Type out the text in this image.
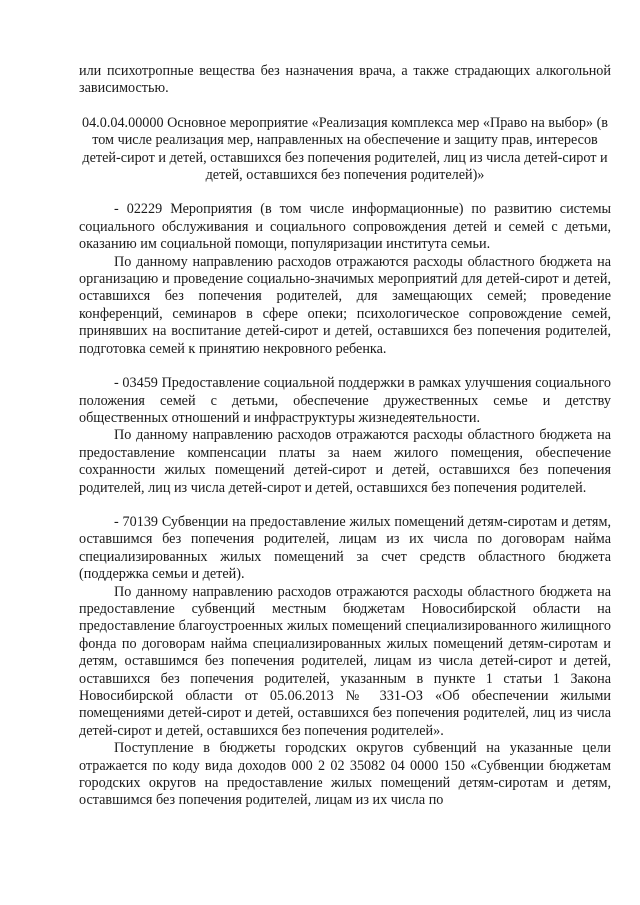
или психотропные вещества без назначения врача, а также страдающих алкогольной зависимостью.

04.0.04.00000 Основное мероприятие «Реализация комплекса мер «Право на выбор» (в том числе реализация мер, направленных на обеспечение и защиту прав, интересов детей-сирот и детей, оставшихся без попечения родителей, лиц из числа детей-сирот и детей, оставшихся без попечения родителей)»

- 02229 Мероприятия (в том числе информационные) по развитию системы социального обслуживания и социального сопровождения детей и семей с детьми, оказанию им социальной помощи, популяризации института семьи.

По данному направлению расходов отражаются расходы областного бюджета на организацию и проведение социально-значимых мероприятий для детей-сирот и детей, оставшихся без попечения родителей, для замещающих семей; проведение конференций, семинаров в сфере опеки; психологическое сопровождение семей, принявших на воспитание детей-сирот и детей, оставшихся без попечения родителей, подготовка семей к принятию некровного ребенка.

- 03459 Предоставление социальной поддержки в рамках улучшения социального положения семей с детьми, обеспечение дружественных семье и детству общественных отношений и инфраструктуры жизнедеятельности.

По данному направлению расходов отражаются расходы областного бюджета на предоставление компенсации платы за наем жилого помещения, обеспечение сохранности жилых помещений детей-сирот и детей, оставшихся без попечения родителей, лиц из числа детей-сирот и детей, оставшихся без попечения родителей.

- 70139 Субвенции на предоставление жилых помещений детям-сиротам и детям, оставшимся без попечения родителей, лицам из их числа по договорам найма специализированных жилых помещений за счет средств областного бюджета (поддержка семьи и детей).

По данному направлению расходов отражаются расходы областного бюджета на предоставление субвенций местным бюджетам Новосибирской области на предоставление благоустроенных жилых помещений специализированного жилищного фонда по договорам найма специализированных жилых помещений детям-сиротам и детям, оставшимся без попечения родителей, лицам из числа детей-сирот и детей, оставшихся без попечения родителей, указанным в пункте 1 статьи 1 Закона Новосибирской области от 05.06.2013 № 331-ОЗ «Об обеспечении жилыми помещениями детей-сирот и детей, оставшихся без попечения родителей, лиц из числа детей-сирот и детей, оставшихся без попечения родителей».

Поступление в бюджеты городских округов субвенций на указанные цели отражается по коду вида доходов 000 2 02 35082 04 0000 150 «Субвенции бюджетам городских округов на предоставление жилых помещений детям-сиротам и детям, оставшимся без попечения родителей, лицам из их числа по
